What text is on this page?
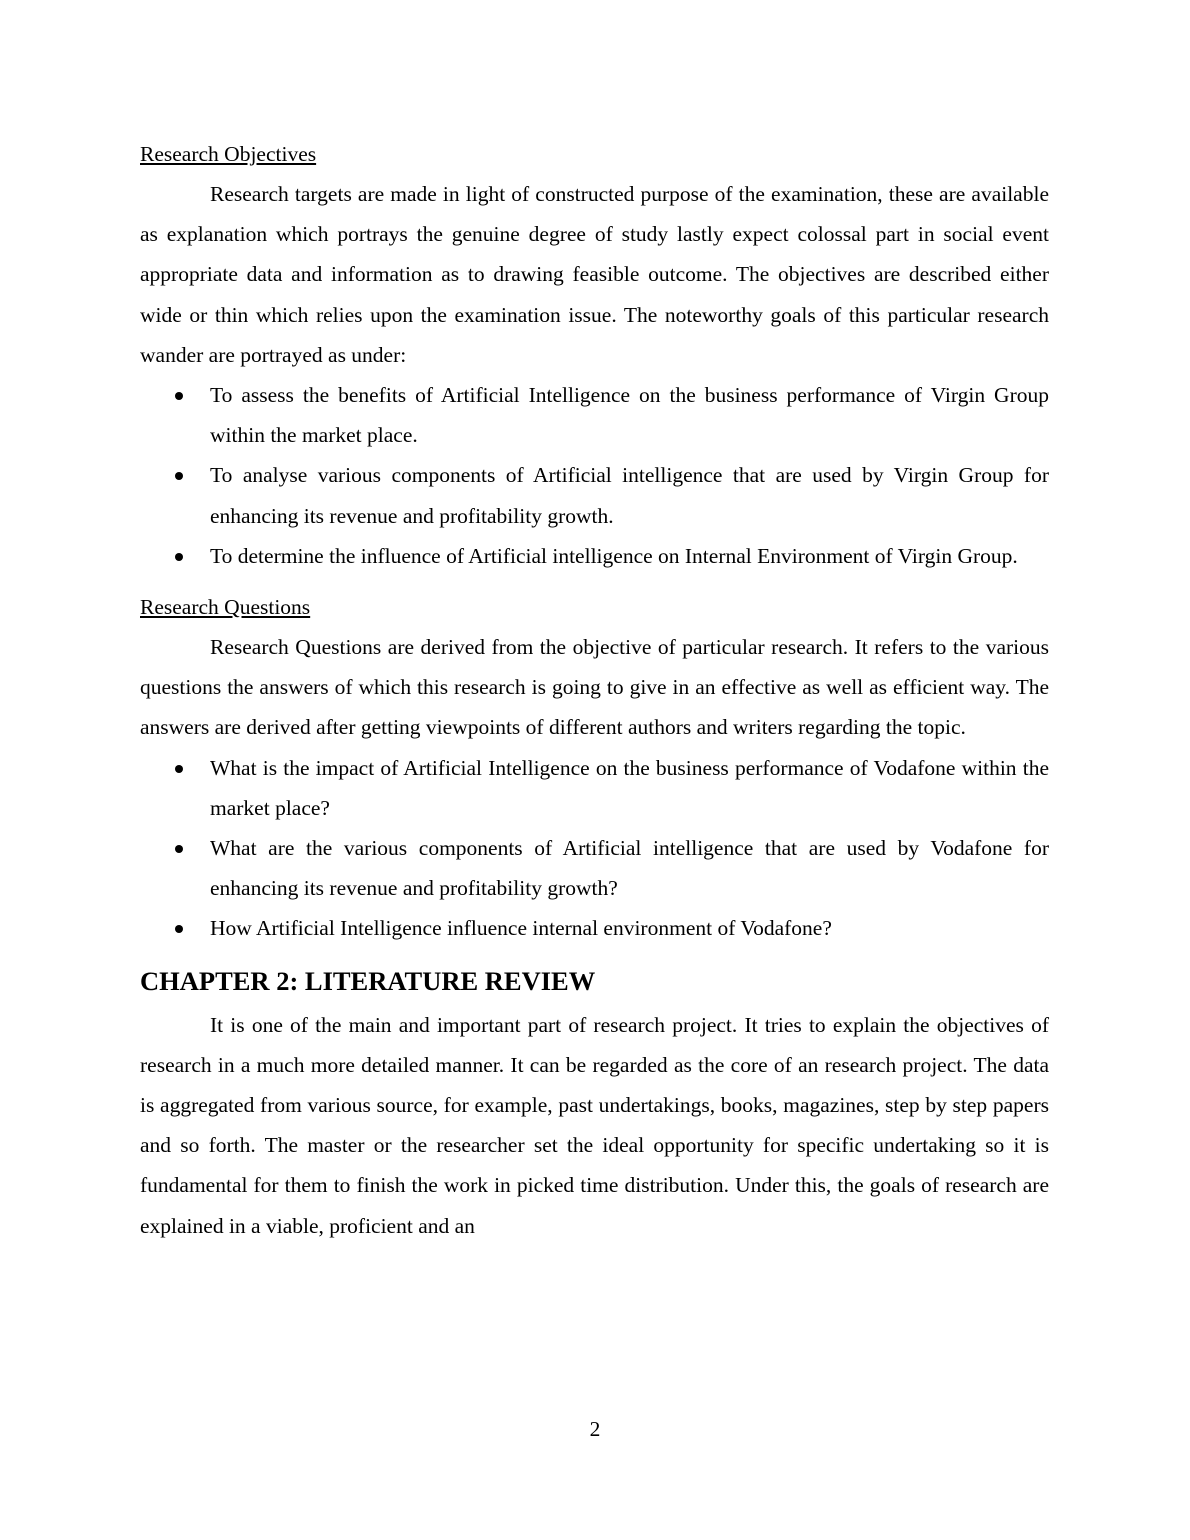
Research Objectives

Research targets are made in light of constructed purpose of the examination, these are available as explanation which portrays the genuine degree of study lastly expect colossal part in social event appropriate data and information as to drawing feasible outcome. The objectives are described either wide or thin which relies upon the examination issue. The noteworthy goals of this particular research wander are portrayed as under:

To assess the benefits of Artificial Intelligence on the business performance of Virgin Group within the market place.
To analyse various components of Artificial intelligence that are used by Virgin Group for enhancing its revenue and profitability growth.
To determine the influence of Artificial intelligence on Internal Environment of Virgin Group.

Research Questions

Research Questions are derived from the objective of particular research. It refers to the various questions the answers of which this research is going to give in an effective as well as efficient way. The answers are derived after getting viewpoints of different authors and writers regarding the topic.

What is the impact of Artificial Intelligence on the business performance of Vodafone within the market place?
What are the various components of Artificial intelligence that are used by Vodafone for enhancing its revenue and profitability growth?
How Artificial Intelligence influence internal environment of Vodafone?
CHAPTER 2: LITERATURE REVIEW

It is one of the main and important part of research project. It tries to explain the objectives of research in a much more detailed manner. It can be regarded as the core of an research project. The data is aggregated from various source, for example, past undertakings, books, magazines, step by step papers and so forth. The master or the researcher set the ideal opportunity for specific undertaking so it is fundamental for them to finish the work in picked time distribution. Under this, the goals of research are explained in a viable, proficient and an

2
